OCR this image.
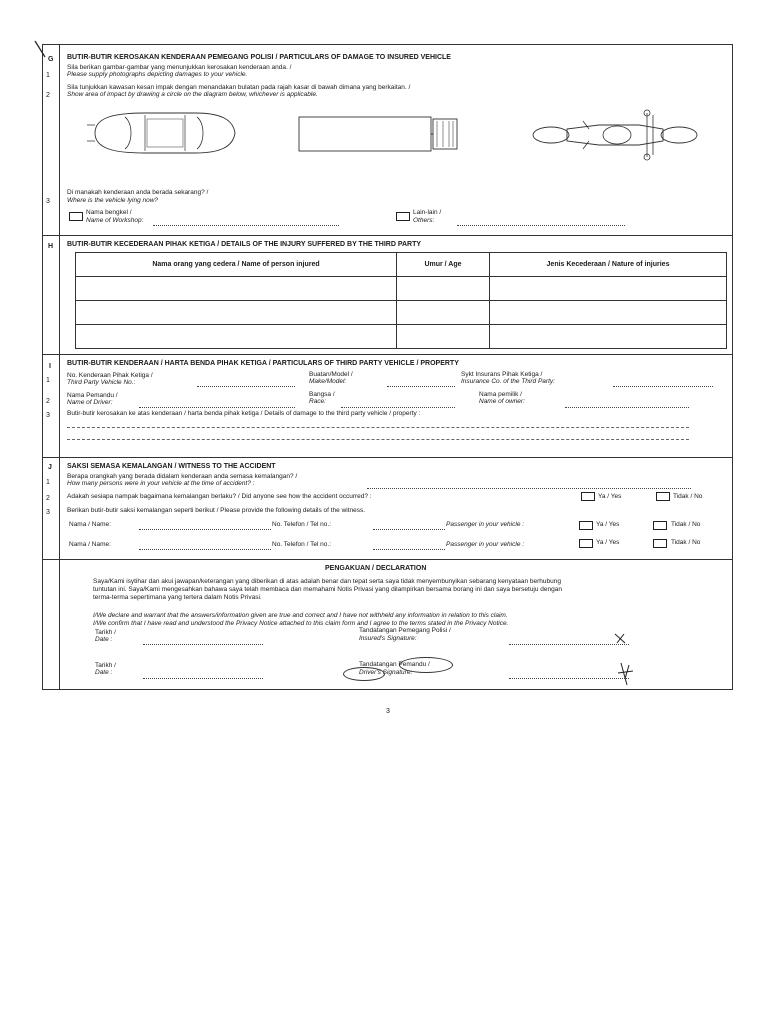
G BUTIR-BUTIR KEROSAKAN KENDERAAN PEMEGANG POLISI / PARTICULARS OF DAMAGE TO INSURED VEHICLE
1
Sila berikan gambar-gambar yang menunjukkan kerosakan kenderaan anda. /
Please supply photographs depicting damages to your vehicle.
2
Sila tunjukkan kawasan kesan impak dengan menandakan bulatan pada rajah kasar di bawah dimana yang berkaitan. /
Show area of impact by drawing a circle on the diagram below, whichever is applicable.
3
Di manakah kenderaan anda berada sekarang? /
Where is the vehicle lying now?
Nama bengkel /
Name of Workshop:
Lain-lain /
Others:
H BUTIR-BUTIR KECEDERAAN PIHAK KETIGA / DETAILS OF THE INJURY SUFFERED BY THE THIRD PARTY
Nama orang yang cedera / Name of person injured	Umur / Age	Jenis Kecederaan / Nature of injuries

I BUTIR-BUTIR KENDERAAN / HARTA BENDA PIHAK KETIGA / PARTICULARS OF THIRD PARTY VEHICLE / PROPERTY
1
No. Kenderaan Pihak Ketiga /
Third Party Vehicle No.:
Buatan/Model /
Make/Model:
Sykt Insurans Pihak Ketiga /
Insurance Co. of the Third Party:
2
Nama Pemandu /
Name of Driver:
Bangsa /
Race:
Nama pemilik /
Name of owner:
3	Butir-butir kerosakan ke atas kenderaan / harta benda pihak ketiga / Details of damage to the third party vehicle / property :
J SAKSI SEMASA KEMALANGAN / WITNESS TO THE ACCIDENT
1
Berapa orangkah yang berada didalam kenderaan anda semasa kemalangan? /
How many persons were in your vehicle at the time of accident? :
2	Adakah sesiapa nampak bagaimana kemalangan berlaku? / Did anyone see how the accident occurred? :	Ya / Yes	Tidak / No
3	Berikan butir-butir saksi kemalangan seperti berikut / Please provide the following details of the witness.
Nama / Name:	No. Telefon / Tel no.:	Passenger in your vehicle :	Ya / Yes	Tidak / No
Nama / Name:	No. Telefon / Tel no.:	Passenger in your vehicle :	Ya / Yes	Tidak / No
PENGAKUAN / DECLARATION
Saya/Kami isytihar dan akui jawapan/keterangan yang diberikan di atas adalah benar dan tepat serta saya tidak menyembunyikan sebarang kenyataan berhubung
tuntutan ini. Saya/Kami mengesahkan bahawa saya telah membaca dan memahami Notis Privasi yang dilampirkan bersama borang ini dan saya bersetuju dengan
terma-terma sepertimana yang tertera dalam Notis Privasi.
I/We declare and warrant that the answers/information given are true and correct and I have not withheld any information in relation to this claim.
I/We confirm that I have read and understood the Privacy Notice attached to this claim form and I agree to the terms stated in the Privacy Notice.
Tarikh /
Date :
Tandatangan Pemegang Polisi /
Insured's Signature:
Tarikh /
Date :
Tandatangan Pemandu /
Driver's Signature:
3
